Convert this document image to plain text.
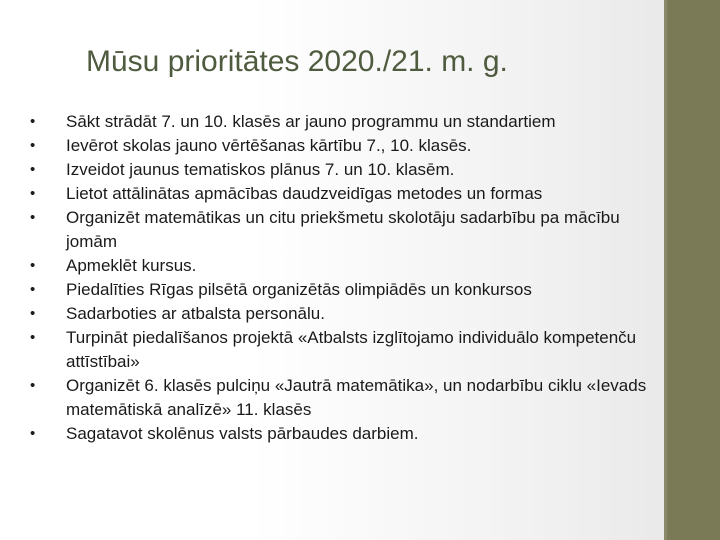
Mūsu prioritātes 2020./21. m. g.
• Sākt strādāt 7. un 10. klasēs ar jauno programmu un standartiem
• Ievērot skolas jauno vērtēšanas kārtību 7., 10. klasēs.
• Izveidot jaunus tematiskos plānus 7. un 10. klasēm.
• Lietot attālinātas apmācības daudzveidīgas metodes un formas
• Organizēt matemātikas un citu priekšmetu skolotāju sadarbību pa mācību jomām
• Apmeklēt kursus.
• Piedalīties Rīgas pilsētā organizētās olimpiādēs un konkursos
• Sadarboties ar atbalsta personālu.
• Turpināt piedalīšanos projektā «Atbalsts izglītojamo individuālo kompetenču attīstībai»
• Organizēt 6. klasēs pulciņu «Jautrā matemātika», un nodarbību ciklu «Ievads matemātiskā analīzē» 11. klasēs
• Sagatavot skolēnus valsts pārbaudes darbiem.
